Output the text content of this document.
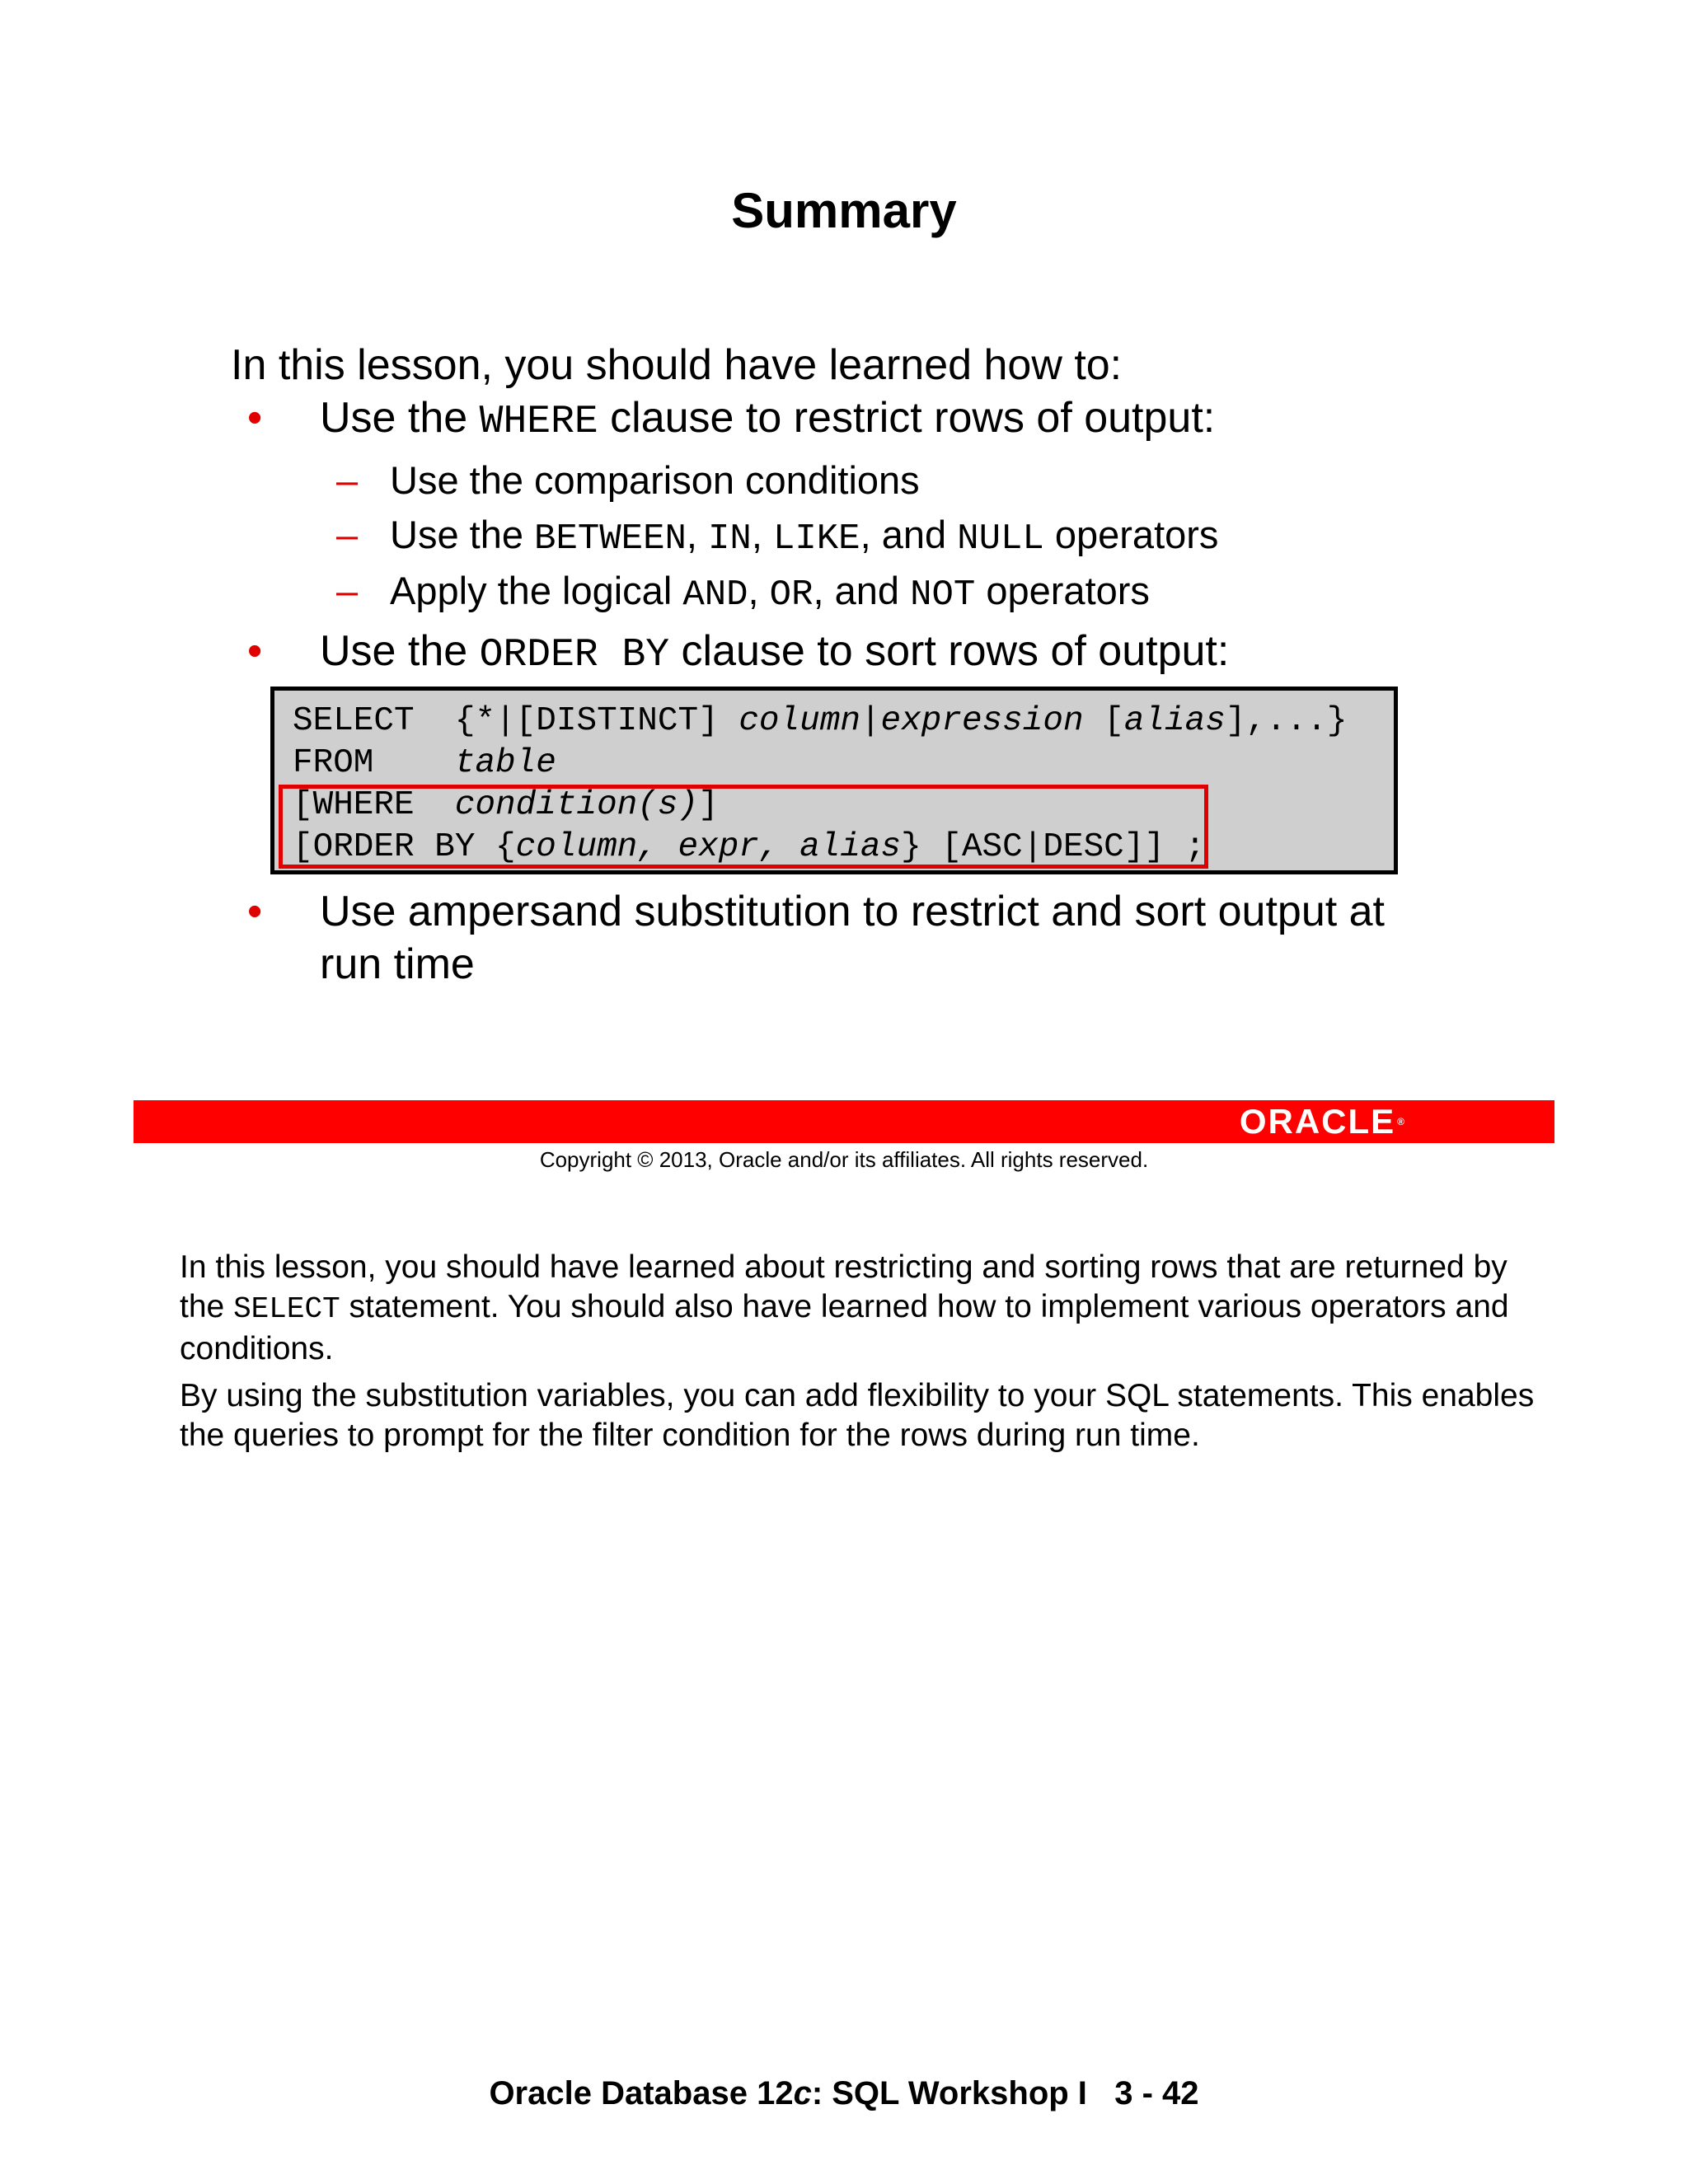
Summary
In this lesson, you should have learned how to:
• Use the WHERE clause to restrict rows of output:
– Use the comparison conditions
– Use the BETWEEN, IN, LIKE, and NULL operators
– Apply the logical AND, OR, and NOT operators
• Use the ORDER BY clause to sort rows of output:
SELECT  {*|[DISTINCT] column|expression [alias],...}
FROM    table
[WHERE  condition(s)]
[ORDER BY {column, expr, alias} [ASC|DESC]] ;
• Use ampersand substitution to restrict and sort output at
run time
ORACLE ®
Copyright © 2013, Oracle and/or its affiliates. All rights reserved.
In this lesson, you should have learned about restricting and sorting rows that are returned by the SELECT statement. You should also have learned how to implement various operators and conditions.
By using the substitution variables, you can add flexibility to your SQL statements. This enables the queries to prompt for the filter condition for the rows during run time.
Oracle Database 12c: SQL Workshop I   3 - 42
